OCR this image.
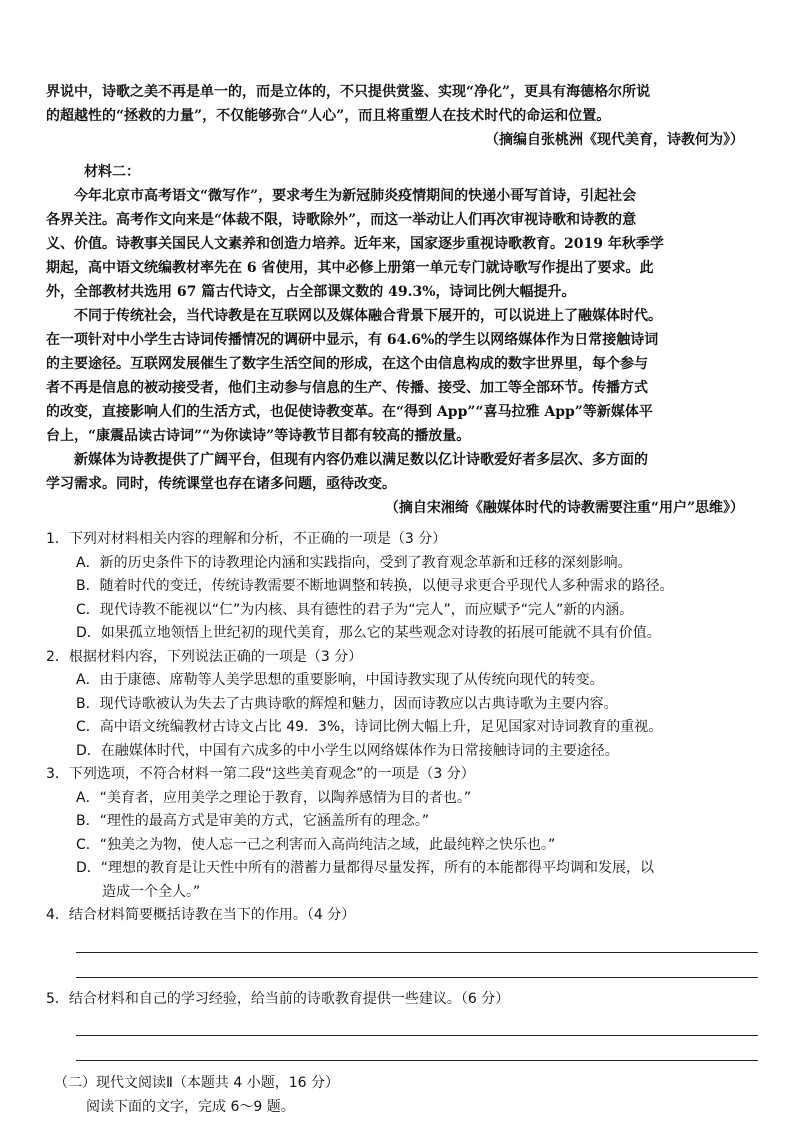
界说中，诗歌之美不再是单一的，而是立体的，不只提供赏鉴、实现“净化”，更具有海德格尔所说
的超越性的“拯救的力量”，不仅能够弥合“人心”，而且将重塑人在技术时代的命运和位置。
（摘编自张桃洲《现代美育，诗教何为》）
材料二：
今年北京市高考语文“微写作”，要求考生为新冠肺炎疫情期间的快递小哥写首诗，引起社会
各界关注。高考作文向来是“体裁不限，诗歌除外”，而这一举动让人们再次审视诗歌和诗教的意
义、价值。诗教事关国民人文素养和创造力培养。近年来，国家逐步重视诗歌教育。2019 年秋季学
期起，高中语文统编教材率先在 6 省使用，其中必修上册第一单元专门就诗歌写作提出了要求。此
外，全部教材共选用 67 篇古代诗文，占全部课文数的 49.3%，诗词比例大幅提升。
不同于传统社会，当代诗教是在互联网以及媒体融合背景下展开的，可以说进上了融媒体时代。
在一项针对中小学生古诗词传播情况的调研中显示，有 64.6%的学生以网络媒体作为日常接触诗词
的主要途径。互联网发展催生了数字生活空间的形成，在这个由信息构成的数字世界里，每个参与
者不再是信息的被动接受者，他们主动参与信息的生产、传播、接受、加工等全部环节。传播方式
的改变，直接影响人们的生活方式，也促使诗教变革。在“得到 App”“喜马拉雅 App”等新媒体平
台上，“康震品读古诗词”“为你读诗”等诗教节目都有较高的播放量。
新媒体为诗教提供了广阔平台，但现有内容仍难以满足数以亿计诗歌爱好者多层次、多方面的
学习需求。同时，传统课堂也存在诸多问题，亟待改变。
（摘自宋湘绮《融媒体时代的诗教需要注重“用户”思维》）
1．下列对材料相关内容的理解和分析，不正确的一项是（3 分）
A．新的历史条件下的诗教理论内涵和实践指向，受到了教育观念革新和迁移的深刻影响。
B．随着时代的变迁，传统诗教需要不断地调整和转换，以便寻求更合乎现代人多种需求的路径。
C．现代诗教不能视以“仁”为内核、具有德性的君子为“完人”，而应赋予“完人”新的内涵。
D．如果孤立地领悟上世纪初的现代美育，那么它的某些观念对诗教的拓展可能就不具有价值。
2．根据材料内容，下列说法正确的一项是（3 分）
A．由于康德、席勒等人美学思想的重要影响，中国诗教实现了从传统向现代的转变。
B．现代诗歌被认为失去了古典诗歌的辉煌和魅力，因而诗教应以古典诗歌为主要内容。
C．高中语文统编教材古诗文占比 49．3%，诗词比例大幅上升，足见国家对诗词教育的重视。
D．在融媒体时代，中国有六成多的中小学生以网络媒体作为日常接触诗词的主要途径。
3．下列选项，不符合材料一第二段“这些美育观念”的一项是（3 分）
A．“美育者，应用美学之理论于教育，以陶养感情为目的者也。”
B．“理性的最高方式是审美的方式，它涵盖所有的理念。”
C．“独美之为物，使人忘一己之利害而入高尚纯洁之域，此最纯粹之快乐也。”
D．“理想的教育是让天性中所有的潜蓄力量都得尽量发挥，所有的本能都得平均调和发展，以
造成一个全人。”
4．结合材料简要概括诗教在当下的作用。（4 分）
5．结合材料和自己的学习经验，给当前的诗歌教育提供一些建议。（6 分）
（二）现代文阅读Ⅱ（本题共 4 小题，16 分）
阅读下面的文字，完成 6～9 题。
